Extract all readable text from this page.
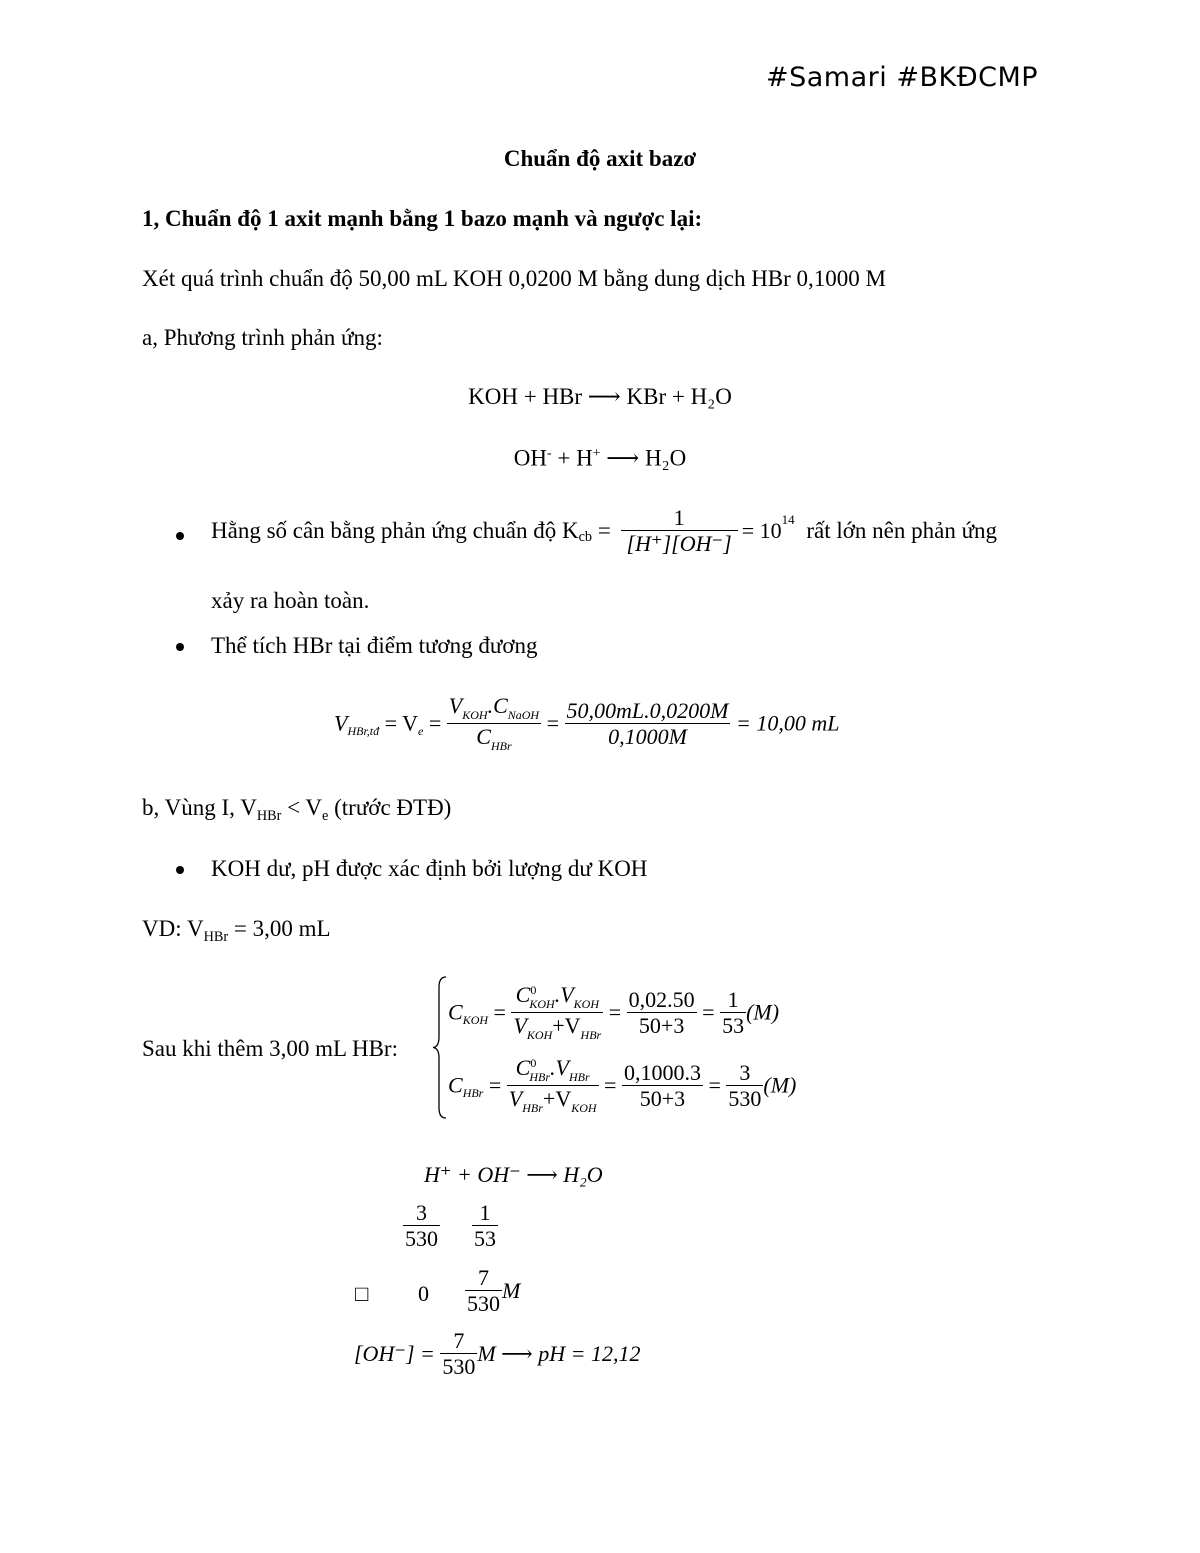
#Samari #BKĐCMP
Chuẩn độ axit bazơ
1, Chuẩn độ 1 axit mạnh bằng 1 bazo mạnh và ngược lại:
Xét quá trình chuẩn độ 50,00 mL KOH 0,0200 M bằng dung dịch HBr 0,1000 M
a, Phương trình phản ứng:
KOH + HBr ⟶ KBr + H₂O
OH- + H+ ⟶ H₂O
Hằng số cân bằng phản ứng chuẩn độ $K_{cb} = \frac{1}{[H^+][OH^-]} = 10^{14}$ rất lớn nên phản ứng
xảy ra hoàn toàn.
Thể tích HBr tại điểm tương đương
$V_{HBr,tđ} = V_e = \frac{V_{KOH}.C_{NaOH}}{C_{HBr}} = \frac{50,00mL.0,0200M}{0,1000M} = 10,00$ mL
b, Vùng I, $V_{HBr} < V_e$ (trước ĐTĐ)
KOH dư, pH được xác định bởi lượng dư KOH
VD: $V_{HBr} = 3,00$ mL
Sau khi thêm 3,00 mL HBr:
$C_{KOH} = \frac{C^0_{KOH}.V_{KOH}}{V_{KOH}+V_{HBr}} = \frac{0,02.50}{50+3} = \frac{1}{53} (M)$
$C_{HBr} = \frac{C^0_{HBr}.V_{HBr}}{V_{HBr}+V_{KOH}} = \frac{0,1000.3}{50+3} = \frac{3}{530} (M)$
H⁺ + OH⁻ ⟶ H₂O
$\frac{3}{530} \frac{1}{53}$
□ $0 \frac{7}{530}$ M
$[OH^-] = \frac{7}{530}$ M ⟶ pH = 12,12
